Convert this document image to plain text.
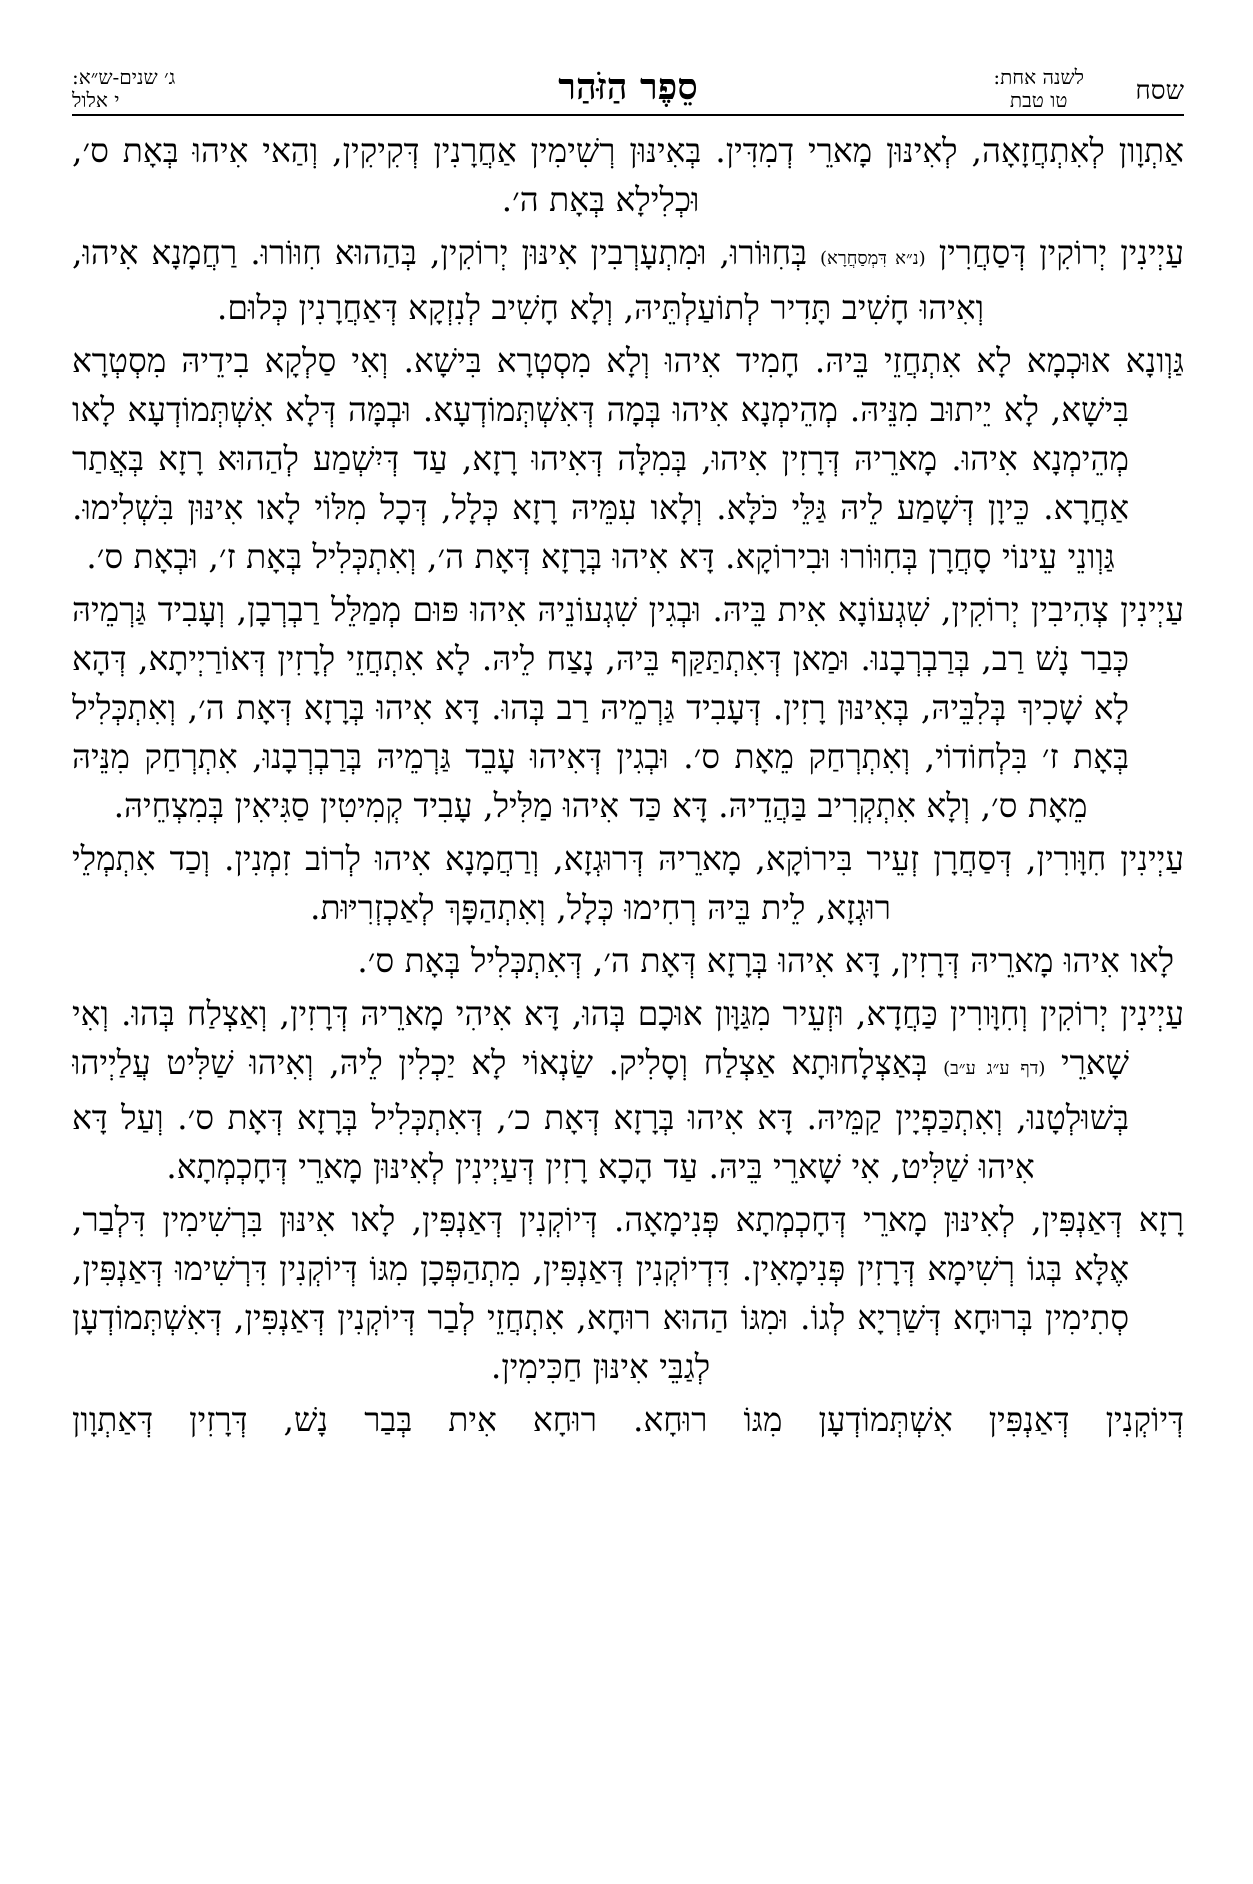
שסח
לשנה אחת:
טו טבת
סֵפֶר הַזֹּהַר
ג׳ שנים-ש״א:
י אלול

אַתְוָון לְאִתְחֲזָאָה, לְאִינּוּן מָארֵי דְמִדִּין. בְּאִינּוּן רְשִׁימִין אַחֲרָנִין דְּקִיקִין, וְהַאי אִיהוּ בְּאָת ס׳, וּכְלִילָא בְּאָת ה׳.

עַיְינִין יְרוֹקִין דְּסַחֲרִין (נ״א דִּמְסַחֲרָא) בְּחִוּוֹרוּ, וּמִתְעָרְבִין אִינּוּן יְרוֹקִין, בְּהַהוּא חִוּוֹרוּ. רַחֲמָנָא אִיהוּ, וְאִיהוּ חָשִׁיב תָּדִיר לְתוֹעַלְתֵּיהּ, וְלָא חָשִׁיב לְנִזְקָא דְּאַחֲרָנִין כְּלוּם.

גַּוְונָא אוּכְמָא לָא אִתְחֲזֵי בֵּיהּ. חָמִיד אִיהוּ וְלָא מִסְטְרָא בִּישָׁא. וְאִי סַלְקָא בִידֵיהּ מִסְטְרָא בִּישָׁא, לָא יֵיתוּב מִנֵּיהּ. מְהֵימְנָא אִיהוּ בְּמָה דְּאִשְׁתְּמוֹדְעָא. וּבְמָּה דְּלָא אִשְׁתְּמוֹדְעָא לָאו מְהֵימְנָא אִיהוּ. מָארֵיהּ דְּרָזִין אִיהוּ, בְּמִלָּה דְּאִיהוּ רָזָא, עַד דְּיִשְׁמַע לְהַהוּא רָזָא בְּאֲתַר אַחֲרָא. כֵּיוָן דְּשָׁמַע לֵיהּ גַּלֵּי כֹּלָּא. וְלָאו עִמֵּיהּ רָזָא כְּלָל, דְּכָל מִלּוֹי לָאו אִינּוּן בִּשְׁלִימוּ. גַּוְונֵי עֵינוֹי סָחֲרָן בְּחִוּוֹרוּ וּבִירוֹקָא. דָּא אִיהוּ בְּרָזָא דְּאָת ה׳, וְאִתְכְּלִיל בְּאָת ז׳, וּבְאָת ס׳.

עַיְינִין צְהִיבִין יְרוֹקִין, שִׁגְעוֹנָא אִית בֵּיהּ. וּבְגִין שִׁגְעוֹנֵיהּ אִיהוּ פּוּם מְמַלֵּל רַבְרְבָן, וְעָבִיד גַּרְמֵיהּ כְּבַר נָשׁ רַב, בְּרַבְרְבָנוּ. וּמַאן דְּאִתְתַּקַּף בֵּיהּ, נָצַח לֵיהּ. לָא אִתְחֲזֵי לְרָזִין דְּאוֹרַיְיתָא, דְּהָא לָא שָׁכִיךְ בְּלִבֵּיהּ, בְּאִינּוּן רָזִין. דְּעָבִיד גַּרְמֵיהּ רַב בְּהוּ. דָּא אִיהוּ בְּרָזָא דְּאָת ה׳, וְאִתְכְּלִיל בְּאָת ז׳ בִּלְחוֹדוֹי, וְאִתְרְחַק מֵאָת ס׳. וּבְגִין דְּאִיהוּ עָבֵד גַּרְמֵיהּ בְּרַבְרְבָנוּ, אִתְרְחַק מִנֵּיהּ מֵאָת ס׳, וְלָא אִתְקְרִיב בַּהֲדֵיהּ. דָּא כַּד אִיהוּ מַלִּיל, עָבִיד קְמִיטִין סַגִּיאִין בְּמִצְחֵיהּ.

עַיְינִין חִוָּורִין, דְּסַחֲרָן זְעֵיר בִּירוֹקָא, מָארֵיהּ דְּרוּגְזָא, וְרַחֲמָנָא אִיהוּ לְרוֹב זִמְנִין. וְכַד אִתְמְלֵי רוּגְזָא, לֵית בֵּיהּ רְחִימוּ כְּלָל, וְאִתְהַפָּךְ לְאַכְזְרִיּוּת.

לָאו אִיהוּ מָארֵיהּ דְּרָזִין, דָּא אִיהוּ בְּרָזָא דְּאָת ה׳, דְּאִתְכְּלִיל בְּאָת ס׳.

עַיְינִין יְרוֹקִין וְחִוָּורִין כַּחֲדָא, וּזְעֵיר מִגַּוָּון אוּכָם בְּהוּ, דָּא אִיהִי מָארֵיהּ דְּרָזִין, וְאַצְלַח בְּהוּ. וְאִי שָׁארֵי (דף ע״ג ע״ב) בְּאַצְלָחוּתָא אַצְלַח וְסָלִיק. שַׂנְאוֹי לָא יַכְלִין לֵיהּ, וְאִיהוּ שַׁלִּיט עֲלַיְיהוּ בְּשׁוּלְטָנוּ, וְאִתְכַּפְיָין קַמֵּיהּ. דָּא אִיהוּ בְּרָזָא דְּאָת כ׳, דְּאִתְכְּלִיל בְּרָזָא דְּאָת ס׳. וְעַל דָּא אִיהוּ שַׁלִּיט, אִי שָׁארֵי בֵּיהּ. עַד הָכָא רָזִין דְּעַיְינִין לְאִינּוּן מָארֵי דְּחָכְמְתָא.

רָזָא דְּאַנְפִּין, לְאִינּוּן מָארֵי דְּחָכְמְתָא פְּנִימָאָה. דְּיוֹקְנִין דְּאַנְפִּין, לָאו אִינּוּן בִּרְשִׁימִין דִּלְבַר, אֶלָּא בְּגוֹ רְשִׁימָא דְּרָזִין פְּנִימָאִין. דִּדְיוֹקְנִין דְּאַנְפִּין, מִתְהַפְּכָן מִגּוֹ דְּיוֹקְנִין דִּרְשִׁימוּ דְּאַנְפִּין, סְתִימִין בְּרוּחָא דְּשַׁרְיָא לְגוֹ. וּמִגּוֹ הַהוּא רוּחָא, אִתְחֲזֵי לְבַר דְּיוֹקְנִין דְּאַנְפִּין, דְּאִשְׁתְּמוֹדְעָן לְגַבֵּי אִינּוּן חַכִּימִין.

דְּיוֹקְנִין דְּאַנְפִּין אִשְׁתְּמוֹדְעָן מִגּוֹ רוּחָא. רוּחָא אִית בְּבַר נָשׁ, דְּרָזִין דְּאַתְוָון
